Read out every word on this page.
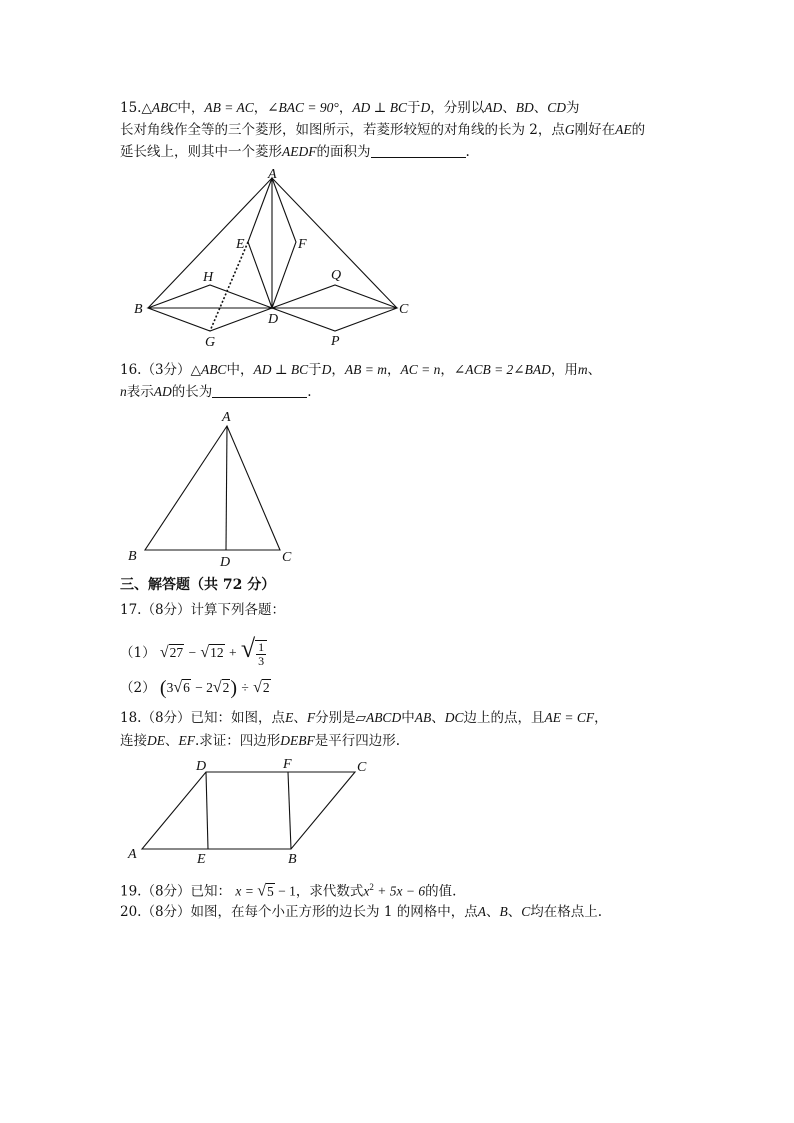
15.△ABC中，AB = AC，∠BAC = 90°，AD ⊥ BC于D，分别以AD、BD、CD为
长对角线作全等的三个菱形，如图所示，若菱形较短的对角线的长为 2，点G刚好在AE的
延长线上，则其中一个菱形AEDF的面积为	.
A
E	F
H	Q
B
D
C
G	P
16.（3分）△ABC中，AD ⊥ BC于D，AB = m，AC = n，∠ACB = 2∠BAD，用m、
n表示AD的长为	.
A
B	D	C
三、解答题（共 72 分）
17.（8分）计算下列各题：
（1） √27 − √12 + √ $\frac{1}{3}$
（2） (3√6 − 2√2) ÷ √2
18.（8分）已知：如图，点E、F分别是▱ABCD中AB、DC边上的点，且AE = CF，
连接DE、EF.求证：四边形DEBF是平行四边形.
D	F	C
A	E	B
19.（8分）已知： x = √5 − 1，求代数式$x^2 + 5x - 6$的值.
20.（8分）如图，在每个小正方形的边长为 1 的网格中，点A、B、C均在格点上.
